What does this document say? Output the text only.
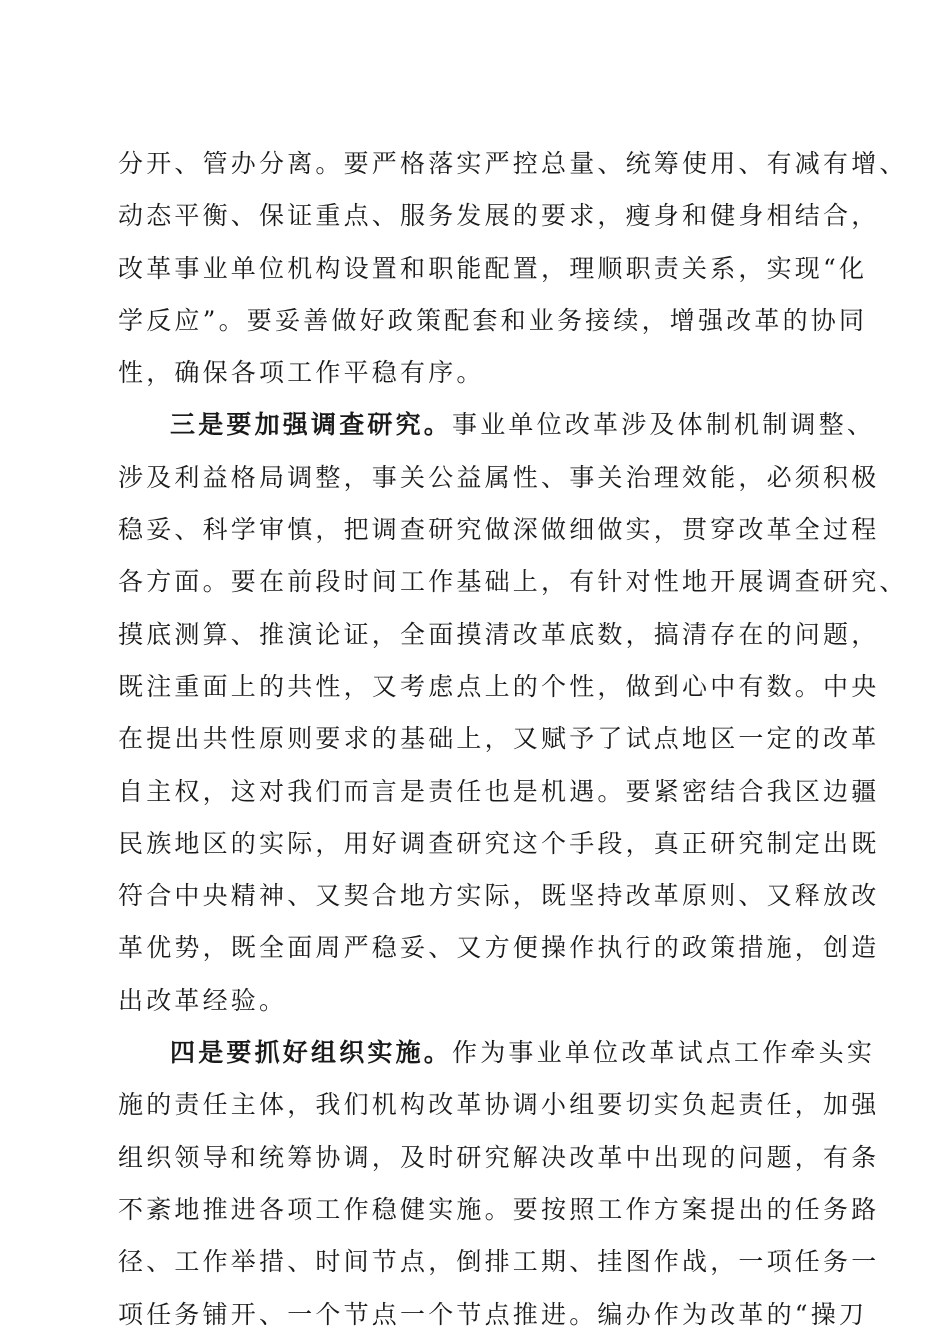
分开、管办分离。要严格落实严控总量、统筹使用、有减有增、
动态平衡、保证重点、服务发展的要求，瘦身和健身相结合，
改革事业单位机构设置和职能配置，理顺职责关系，实现“化
学反应”。要妥善做好政策配套和业务接续，增强改革的协同
性，确保各项工作平稳有序。
三是要加强调查研究。事业单位改革涉及体制机制调整、
涉及利益格局调整，事关公益属性、事关治理效能，必须积极
稳妥、科学审慎，把调查研究做深做细做实，贯穿改革全过程
各方面。要在前段时间工作基础上，有针对性地开展调查研究、
摸底测算、推演论证，全面摸清改革底数，搞清存在的问题，
既注重面上的共性，又考虑点上的个性，做到心中有数。中央
在提出共性原则要求的基础上，又赋予了试点地区一定的改革
自主权，这对我们而言是责任也是机遇。要紧密结合我区边疆
民族地区的实际，用好调查研究这个手段，真正研究制定出既
符合中央精神、又契合地方实际，既坚持改革原则、又释放改
革优势，既全面周严稳妥、又方便操作执行的政策措施，创造
出改革经验。
四是要抓好组织实施。作为事业单位改革试点工作牵头实
施的责任主体，我们机构改革协调小组要切实负起责任，加强
组织领导和统筹协调，及时研究解决改革中出现的问题，有条
不紊地推进各项工作稳健实施。要按照工作方案提出的任务路
径、工作举措、时间节点，倒排工期、挂图作战，一项任务一
项任务铺开、一个节点一个节点推进。编办作为改革的“操刀
